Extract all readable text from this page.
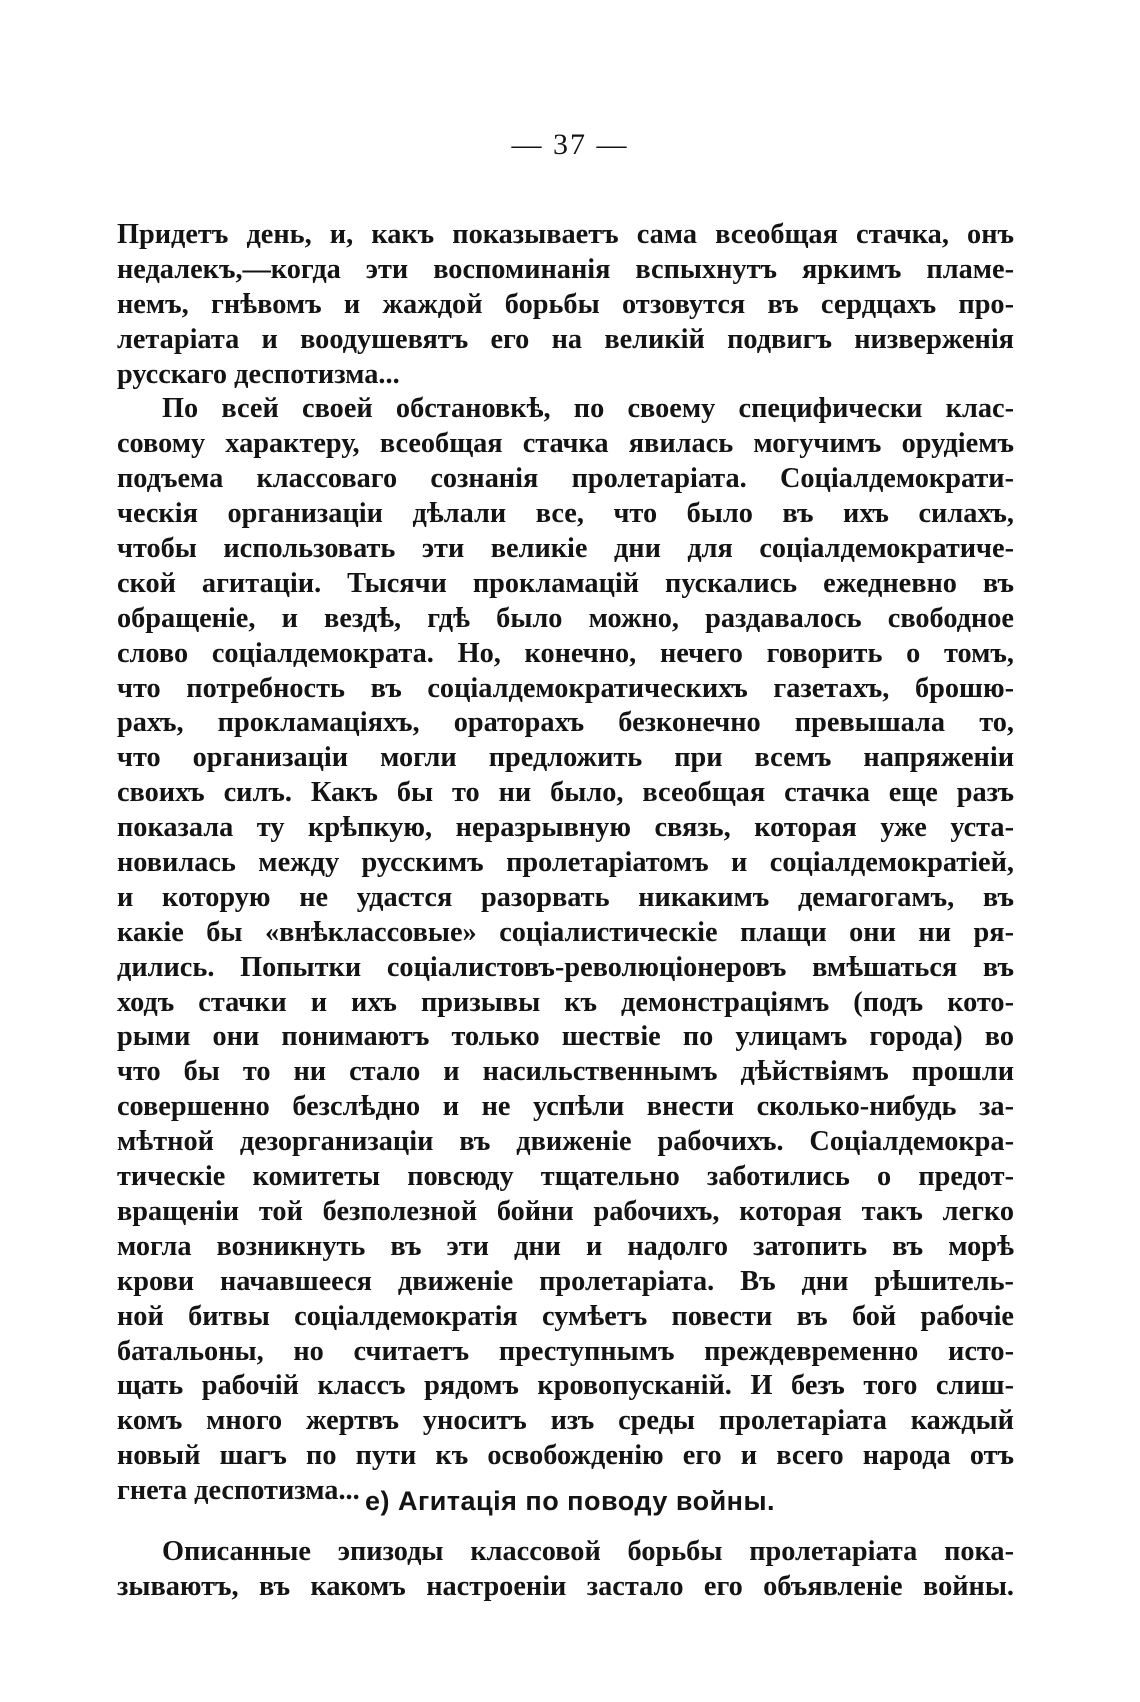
— 37 —
Придетъ день, и, какъ показываетъ сама всеобщая стачка, онъ
недалекъ,—когда эти воспоминанія вспыхнутъ яркимъ пламе-
немъ, гнѣвомъ и жаждой борьбы отзовутся въ сердцахъ про-
летаріата и воодушевятъ его на великій подвигъ низверженія
русскаго деспотизма...
По всей своей обстановкѣ, по своему специфически клас-
совому характеру, всеобщая стачка явилась могучимъ орудіемъ
подъема классоваго сознанія пролетаріата. Соціалдемократи-
ческія организаціи дѣлали все, что было въ ихъ силахъ,
чтобы использовать эти великіе дни для соціалдемократиче-
ской агитаціи. Тысячи прокламацій пускались ежедневно въ
обращеніе, и вездѣ, гдѣ было можно, раздавалось свободное
слово соціалдемократа. Но, конечно, нечего говорить о томъ,
что потребность въ соціалдемократическихъ газетахъ, брошю-
рахъ, прокламаціяхъ, ораторахъ безконечно превышала то,
что организаціи могли предложить при всемъ напряженіи
своихъ силъ. Какъ бы то ни было, всеобщая стачка еще разъ
показала ту крѣпкую, неразрывную связь, которая уже уста-
новилась между русскимъ пролетаріатомъ и соціалдемократіей,
и которую не удастся разорвать никакимъ демагогамъ, въ
какіе бы «внѣклассовые» соціалистическіе плащи они ни ря-
дились. Попытки соціалистовъ-революціонеровъ вмѣшаться въ
ходъ стачки и ихъ призывы къ демонстраціямъ (подъ кото-
рыми они понимаютъ только шествіе по улицамъ города) во
что бы то ни стало и насильственнымъ дѣйствіямъ прошли
совершенно безслѣдно и не успѣли внести сколько-нибудь за-
мѣтной дезорганизаціи въ движеніе рабочихъ. Соціалдемокра-
тическіе комитеты повсюду тщательно заботились о предот-
вращеніи той безполезной бойни рабочихъ, которая такъ легко
могла возникнуть въ эти дни и надолго затопить въ морѣ
крови начавшееся движеніе пролетаріата. Въ дни рѣшитель-
ной битвы соціалдемократія сумѣетъ повести въ бой рабочіе
батальоны, но считаетъ преступнымъ преждевременно исто-
щать рабочій классъ рядомъ кровопусканій. И безъ того слиш-
комъ много жертвъ уноситъ изъ среды пролетаріата каждый
новый шагъ по пути къ освобожденію его и всего народа отъ
гнета деспотизма... е) Агитація по поводу войны.
Описанные эпизоды классовой борьбы пролетаріата пока-
зываютъ, въ какомъ настроеніи засталo его объявленіе войны.
